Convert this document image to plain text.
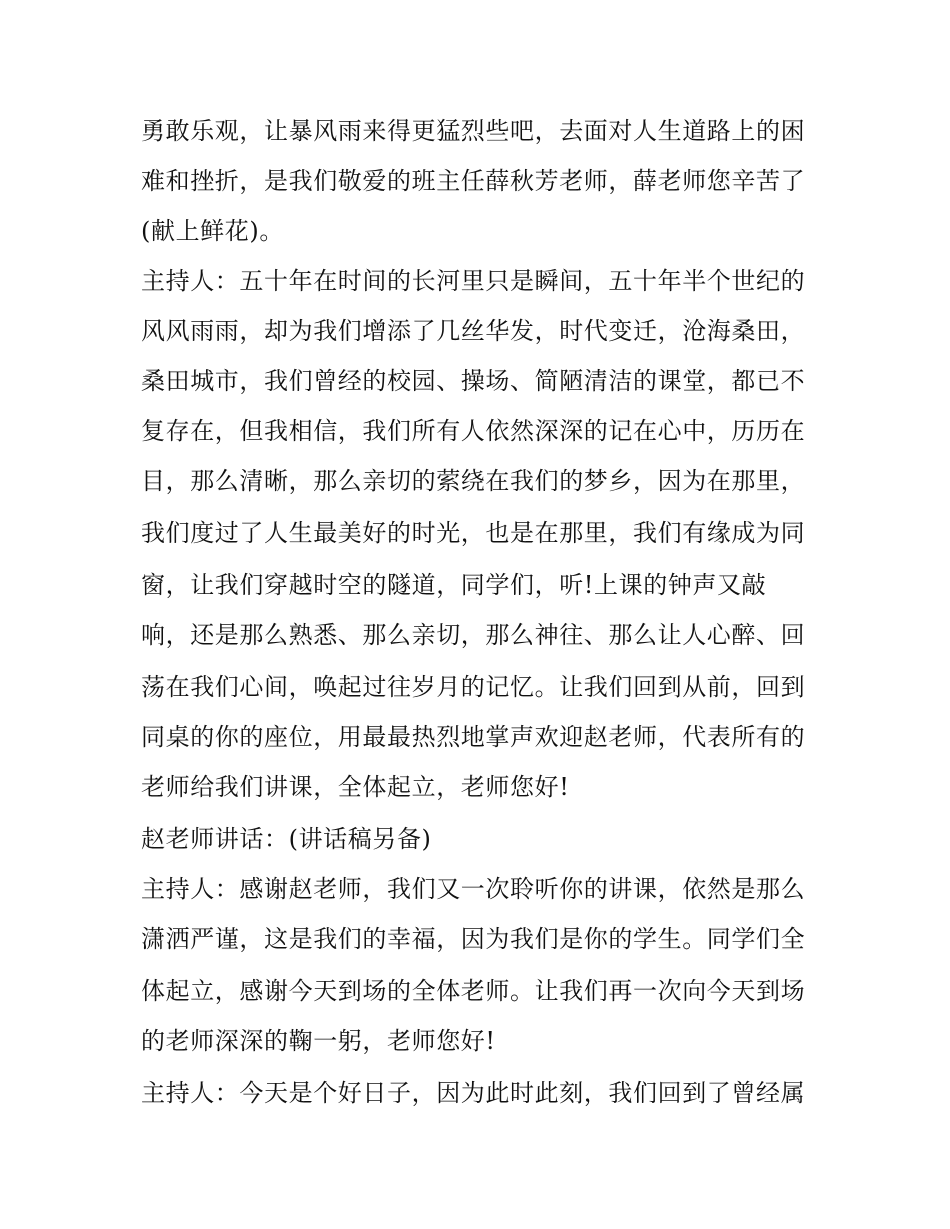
勇敢乐观，让暴风雨来得更猛烈些吧，去面对人生道路上的困
难和挫折，是我们敬爱的班主任薛秋芳老师，薛老师您辛苦了
(献上鲜花)。
主持人：五十年在时间的长河里只是瞬间，五十年半个世纪的
风风雨雨，却为我们增添了几丝华发，时代变迁，沧海桑田，
桑田城市，我们曾经的校园、操场、简陋清洁的课堂，都已不
复存在，但我相信，我们所有人依然深深的记在心中，历历在
目，那么清晰，那么亲切的萦绕在我们的梦乡，因为在那里，
我们度过了人生最美好的时光，也是在那里，我们有缘成为同
窗，让我们穿越时空的隧道，同学们，听!上课的钟声又敲
响，还是那么熟悉、那么亲切，那么神往、那么让人心醉、回
荡在我们心间，唤起过往岁月的记忆。让我们回到从前，回到
同桌的你的座位，用最最热烈地掌声欢迎赵老师，代表所有的
老师给我们讲课，全体起立，老师您好!
赵老师讲话：(讲话稿另备)
主持人：感谢赵老师，我们又一次聆听你的讲课，依然是那么
潇洒严谨，这是我们的幸福，因为我们是你的学生。同学们全
体起立，感谢今天到场的全体老师。让我们再一次向今天到场
的老师深深的鞠一躬，老师您好!
主持人：今天是个好日子，因为此时此刻，我们回到了曾经属
